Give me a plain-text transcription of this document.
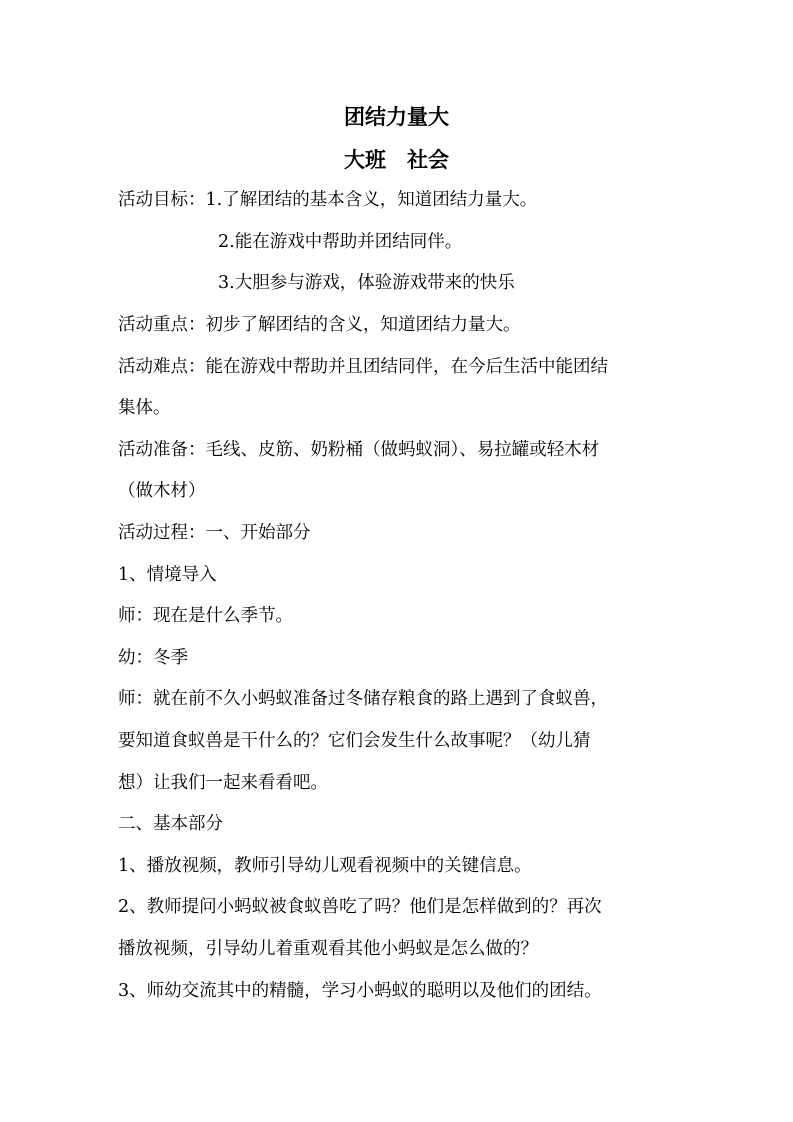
团结力量大
大班　社会
活动目标：1.了解团结的基本含义，知道团结力量大。
2.能在游戏中帮助并团结同伴。
3.大胆参与游戏，体验游戏带来的快乐
活动重点：初步了解团结的含义，知道团结力量大。
活动难点：能在游戏中帮助并且团结同伴，在今后生活中能团结
集体。
活动准备：毛线、皮筋、奶粉桶（做蚂蚁洞）、易拉罐或轻木材
（做木材）
活动过程：一、开始部分
1、情境导入
师：现在是什么季节。
幼：冬季
师：就在前不久小蚂蚁准备过冬储存粮食的路上遇到了食蚁兽，
要知道食蚁兽是干什么的？它们会发生什么故事呢？（幼儿猜
想）让我们一起来看看吧。
二、基本部分
1、播放视频，教师引导幼儿观看视频中的关键信息。
2、教师提问小蚂蚁被食蚁兽吃了吗？他们是怎样做到的？再次
播放视频，引导幼儿着重观看其他小蚂蚁是怎么做的？
3、师幼交流其中的精髓，学习小蚂蚁的聪明以及他们的团结。
